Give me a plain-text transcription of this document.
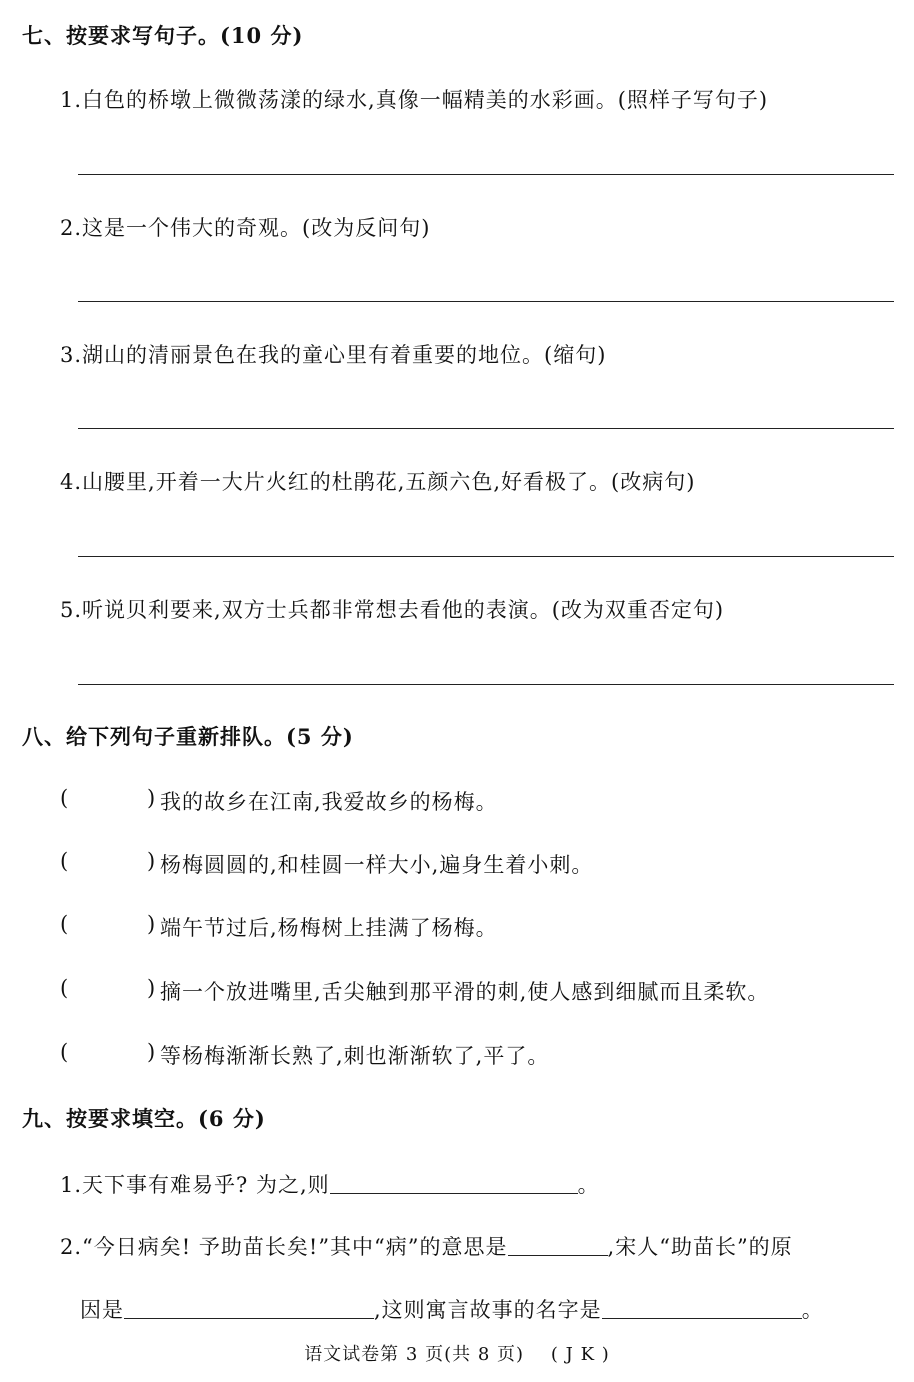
七、按要求写句子。(10 分)
1.白色的桥墩上微微荡漾的绿水,真像一幅精美的水彩画。(照样子写句子)
2.这是一个伟大的奇观。(改为反问句)
3.湖山的清丽景色在我的童心里有着重要的地位。(缩句)
4.山腰里,开着一大片火红的杜鹃花,五颜六色,好看极了。(改病句)
5.听说贝利要来,双方士兵都非常想去看他的表演。(改为双重否定句)
八、给下列句子重新排队。(5 分)
(	) 我的故乡在江南,我爱故乡的杨梅。
(	) 杨梅圆圆的,和桂圆一样大小,遍身生着小刺。
(	) 端午节过后,杨梅树上挂满了杨梅。
(	) 摘一个放进嘴里,舌尖触到那平滑的刺,使人感到细腻而且柔软。
(	) 等杨梅渐渐长熟了,刺也渐渐软了,平了。
九、按要求填空。(6 分)
1.天下事有难易乎? 为之,则	。
2.“今日病矣! 予助苗长矣!”其中“病”的意思是	,宋人“助苗长”的原
因是	,这则寓言故事的名字是	。
语文试卷第 3 页(共 8 页)    ( J K )
